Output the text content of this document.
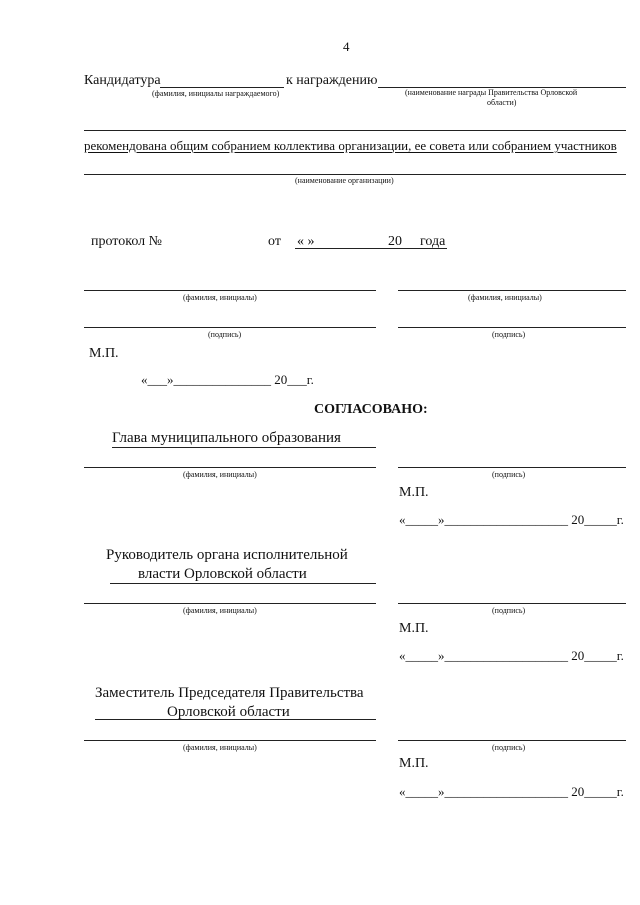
4
Кандидатура	к награждению
(фамилия, инициалы награждаемого)	(наименование награды Правительства Орловской
области)
рекомендована общим собранием коллектива организации, ее совета или собранием участников
(наименование организации)
протокол №	от « »	20 года
(фамилия, инициалы)	(фамилия, инициалы)
(подпись)	(подпись)
М.П.
«___»_______________ 20___г.
СОГЛАСОВАНО:
Глава муниципального образования
(фамилия, инициалы)	(подпись)
М.П.
«_____»___________________ 20_____г.
Руководитель органа исполнительной
власти Орловской области
(фамилия, инициалы)	(подпись)
М.П.
«_____»___________________ 20_____г.
Заместитель Председателя Правительства
Орловской области
(фамилия, инициалы)	(подпись)
М.П.
«_____»___________________ 20_____г.
